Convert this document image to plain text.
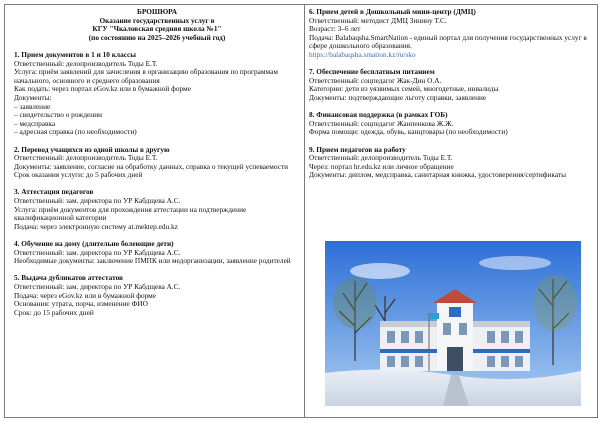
БРОШЮРА
Оказание государственных услуг в
КГУ "Чкаловская средняя школа №1"
(по состоянию на 2025–2026 учебный год)
1. Прием документов в 1 и 10 классы
Ответственный: делопроизводитель Тоды Е.Т.
Услуга: приём заявлений для зачисления в организацию образования по программам начального, основного и среднего образования
Как подать: через портал eGov.kz или в бумажной форме
Документы:
– заявление
– свидетельство о рождении
– медсправка
– адресная справка (по необходимости)
2. Перевод учащихся из одной школы в другую
Ответственный: делопроизводитель Тоды Е.Т.
Документы: заявление, согласие на обработку данных, справка о текущей успеваемости
Срок оказания услуги: до 5 рабочих дней
3. Аттестация педагогов
Ответственный: зам. директора по УР Кабдщева А.С.
Услуга: приём документов для прохождения аттестации на подтверждение квалификационной категории
Подача: через электронную систему at.mektep.edu.kz
4. Обучение на дому (длительно болеющие дети)
Ответственный: зам. директора по УР Кабдщева А.С.
Необходимые документы: заключение ПМПК или медорганизации, заявление родителей
5. Выдача дубликатов аттестатов
Ответственный: зам. директора по УР Кабдщева А.С.
Подача: через eGov.kz или в бумажной форме
Основания: утрата, порча, изменение ФИО
Срок: до 15 рабочих дней
6. Прием детей в Дошкольный мини-центр (ДМЦ)
Ответственный: методист ДМЦ Зинину Т.С.
Возраст: 3–6 лет
Подача: Balabaqsha.SmartNation - единый портал для получения государственных услуг в сфере дошкольного образования.
https://balabaqsha.smation.kz/ru/sko
7. Обеспечение бесплатным питанием
Ответственный: соцпедагог Жак-Дин О.А.
Категории: дети из уязвимых семей, многодетные, инвалиды
Документы: подтверждающие льготу справки, заявление
8. Финансовая поддержка (в рамках ГОБ)
Ответственный: соцпедагог Жанпенкова Ж.Ж.
Форма помощи: одежда, обувь, канцтовары (по необходимости)
9. Прием педагогов на работу
Ответственный: делопроизводитель Тоды Е.Т.
Через: портал hr.edu.kz или личное обращение
Документы: диплом, медсправка, санитарная книжка, удостоверения/сертификаты
